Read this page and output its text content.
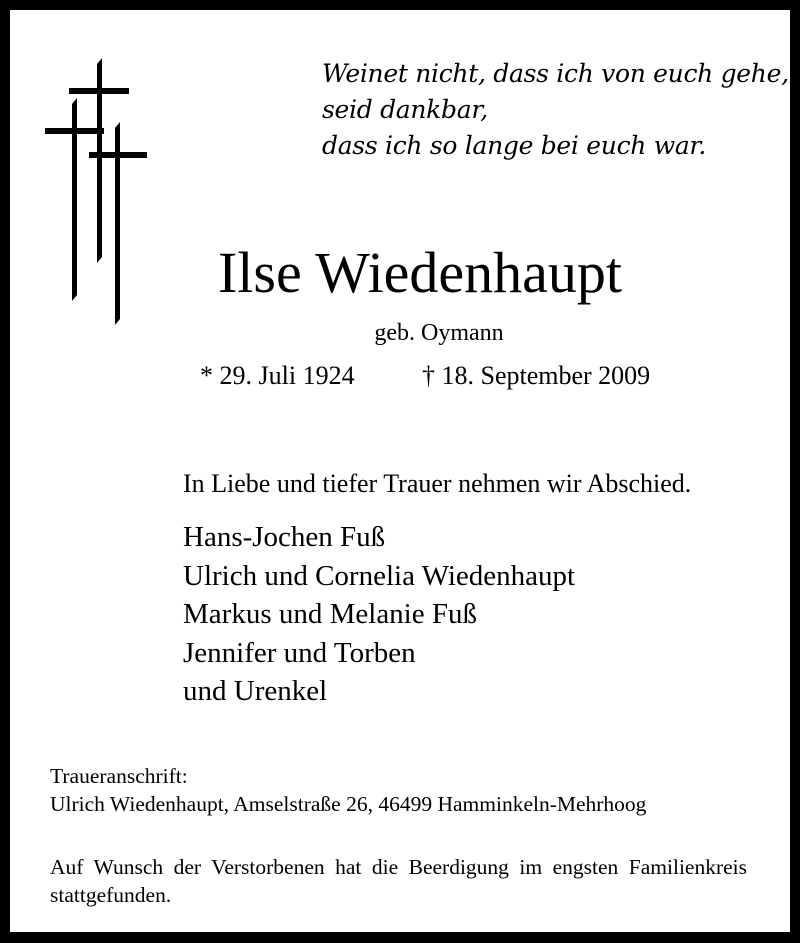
Weinet nicht, dass ich von euch gehe,
seid dankbar,
dass ich so lange bei euch war.
Ilse Wiedenhaupt
geb. Oymann
* 29. Juli 1924	† 18. September 2009
In Liebe und tiefer Trauer nehmen wir Abschied.
Hans-Jochen Fuß
Ulrich und Cornelia Wiedenhaupt
Markus und Melanie Fuß
Jennifer und Torben
und Urenkel
Traueranschrift:
Ulrich Wiedenhaupt, Amselstraße 26, 46499 Hamminkeln-Mehrhoog
Auf Wunsch der Verstorbenen hat die Beerdigung im engsten Familienkreis stattgefunden.
